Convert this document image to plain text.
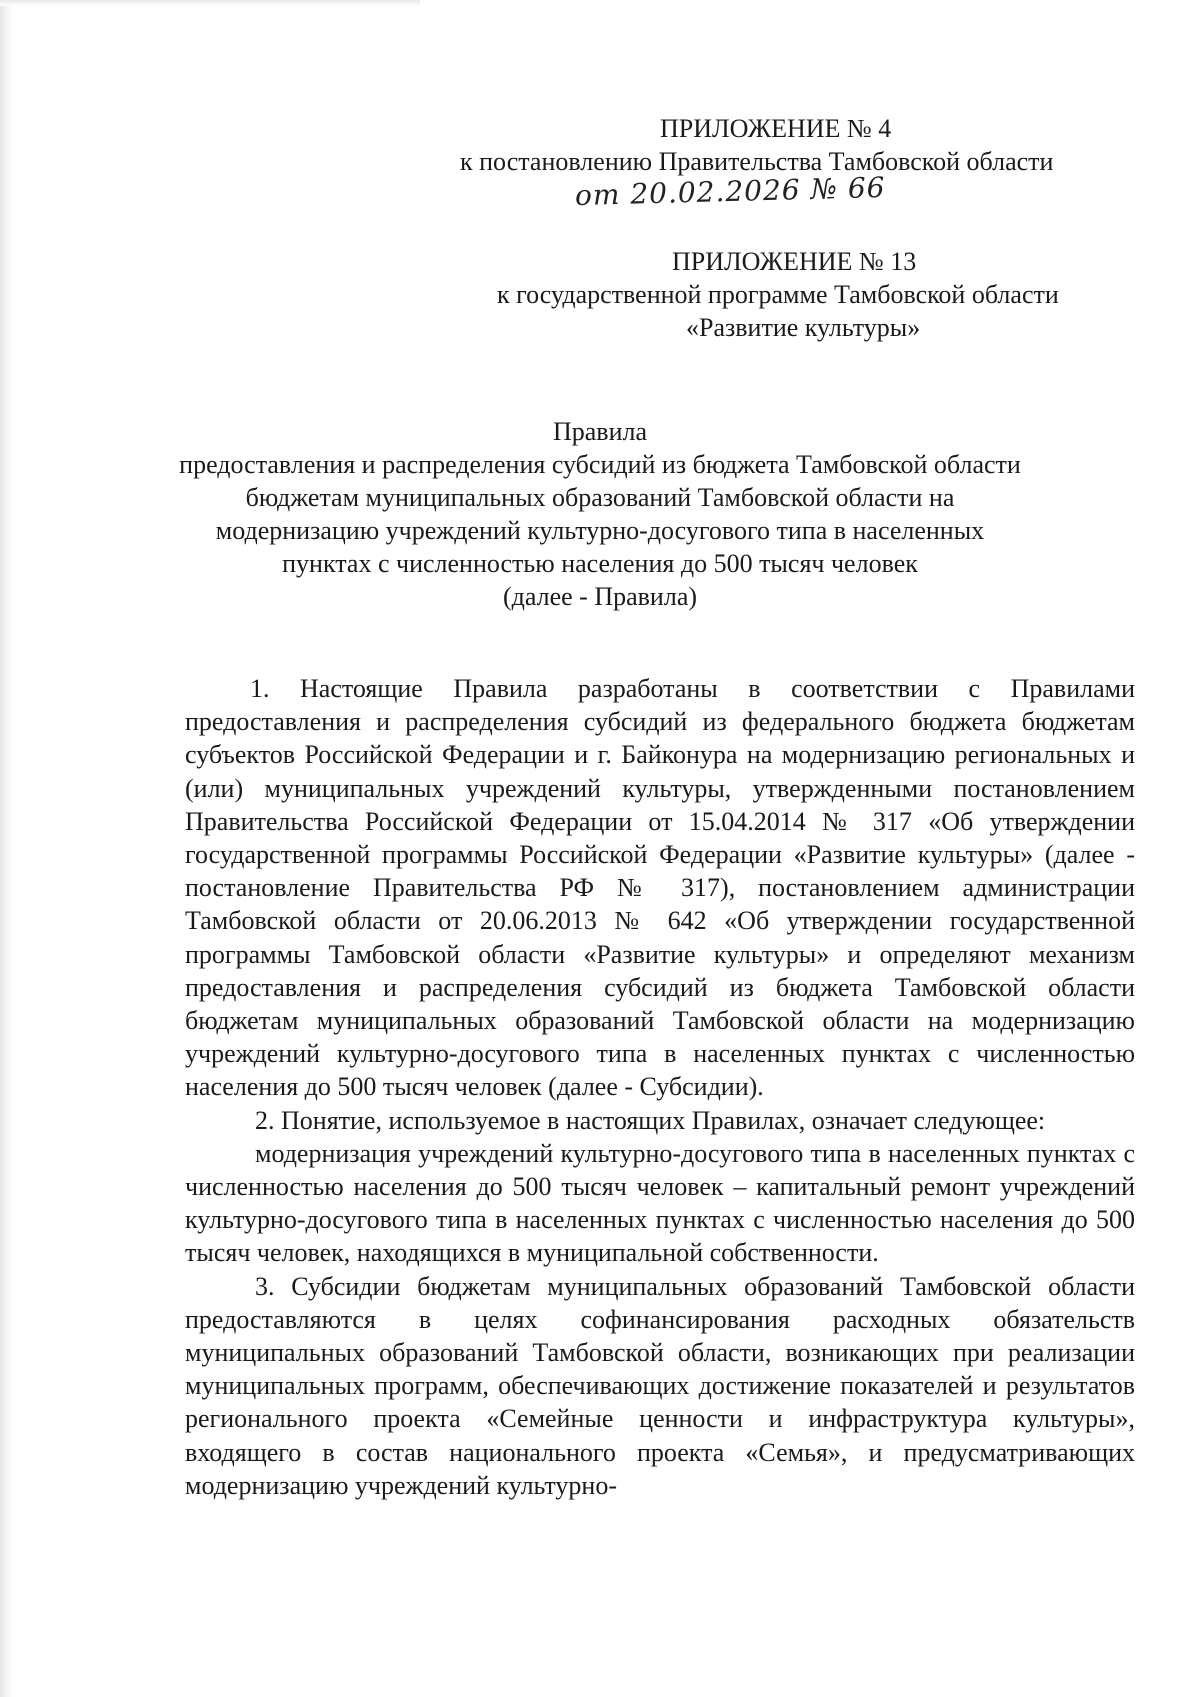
ПРИЛОЖЕНИЕ № 4
к постановлению Правительства Тамбовской области
от 20.02.2026 № 66
ПРИЛОЖЕНИЕ № 13
к государственной программе Тамбовской области
«Развитие культуры»
Правила
предоставления и распределения субсидий из бюджета Тамбовской области
бюджетам муниципальных образований Тамбовской области на
модернизацию учреждений культурно-досугового типа в населенных
пунктах с численностью населения до 500 тысяч человек
(далее - Правила)

1. Настоящие Правила разработаны в соответствии с Правилами предоставления и распределения субсидий из федерального бюджета бюджетам субъектов Российской Федерации и г. Байконура на модернизацию региональных и (или) муниципальных учреждений культуры, утвержденными постановлением Правительства Российской Федерации от 15.04.2014 № 317 «Об утверждении государственной программы Российской Федерации «Развитие культуры» (далее - постановление Правительства РФ № 317), постановлением администрации Тамбовской области от 20.06.2013 № 642 «Об утверждении государственной программы Тамбовской области «Развитие культуры» и определяют механизм предоставления и распределения субсидий из бюджета Тамбовской области бюджетам муниципальных образований Тамбовской области на модернизацию учреждений культурно-досугового типа в населенных пунктах с численностью населения до 500 тысяч человек (далее - Субсидии).

2. Понятие, используемое в настоящих Правилах, означает следующее:

модернизация учреждений культурно-досугового типа в населенных пунктах с численностью населения до 500 тысяч человек – капитальный ремонт учреждений культурно-досугового типа в населенных пунктах с численностью населения до 500 тысяч человек, находящихся в муниципальной собственности.

3. Субсидии бюджетам муниципальных образований Тамбовской области предоставляются в целях софинансирования расходных обязательств муниципальных образований Тамбовской области, возникающих при реализации муниципальных программ, обеспечивающих достижение показателей и результатов регионального проекта «Семейные ценности и инфраструктура культуры», входящего в состав национального проекта «Семья», и предусматривающих модернизацию учреждений культурно-
